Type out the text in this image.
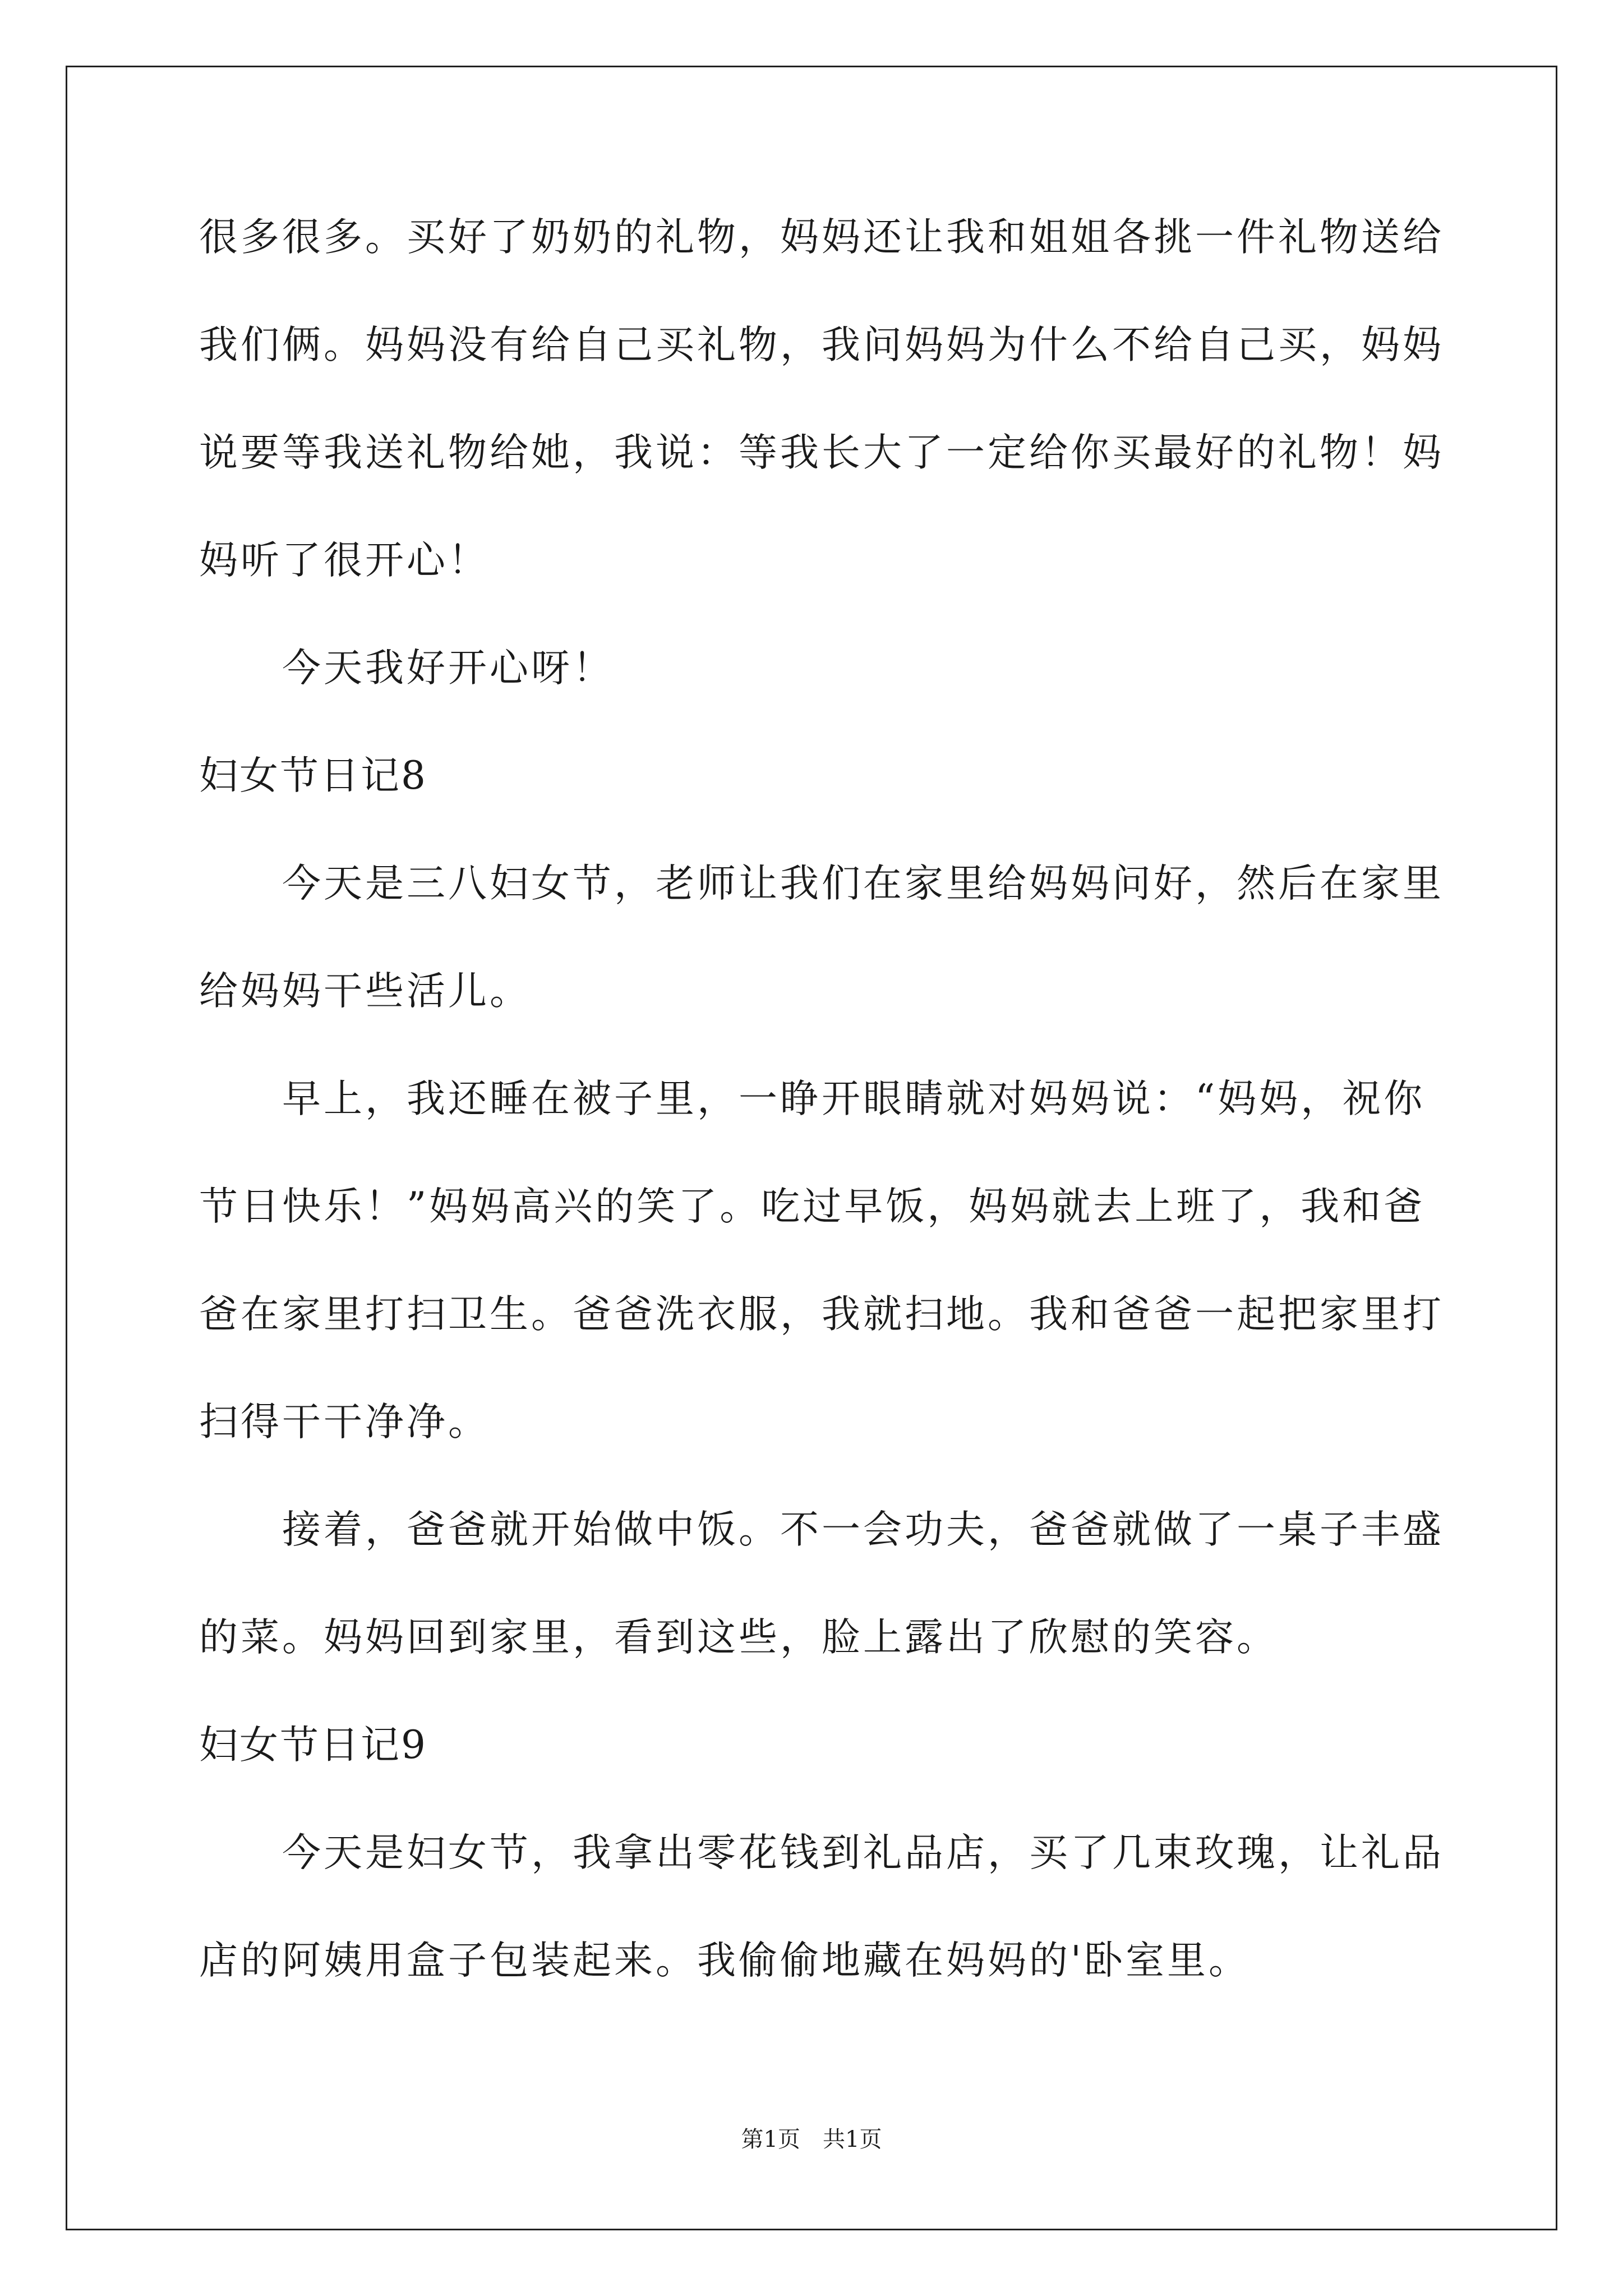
很多很多。买好了奶奶的礼物，妈妈还让我和姐姐各挑一件礼物送给
我们俩。妈妈没有给自己买礼物，我问妈妈为什么不给自己买，妈妈
说要等我送礼物给她，我说：等我长大了一定给你买最好的礼物！妈
妈听了很开心！
今天我好开心呀！
妇女节日记8
今天是三八妇女节，老师让我们在家里给妈妈问好，然后在家里
给妈妈干些活儿。
早上，我还睡在被子里，一睁开眼睛就对妈妈说：“妈妈，祝你
节日快乐！”妈妈高兴的笑了。吃过早饭，妈妈就去上班了，我和爸
爸在家里打扫卫生。爸爸洗衣服，我就扫地。我和爸爸一起把家里打
扫得干干净净。
接着，爸爸就开始做中饭。不一会功夫，爸爸就做了一桌子丰盛
的菜。妈妈回到家里，看到这些，脸上露出了欣慰的笑容。
妇女节日记9
今天是妇女节，我拿出零花钱到礼品店，买了几束玫瑰，让礼品
店的阿姨用盒子包装起来。我偷偷地藏在妈妈的'卧室里。
第1页　共1页
